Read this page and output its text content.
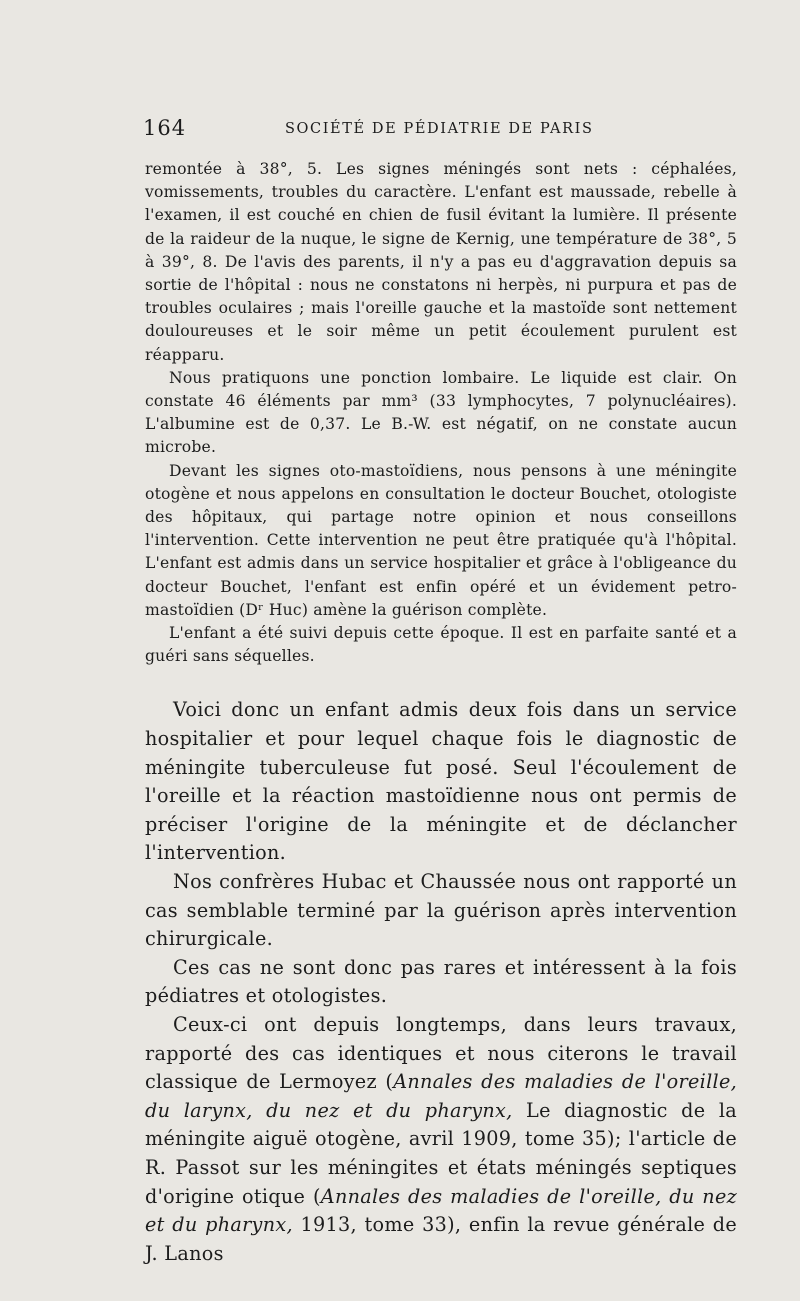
164	SOCIÉTÉ DE PÉDIATRIE DE PARIS

remontée à 38°, 5. Les signes méningés sont nets : céphalées, vomissements, troubles du caractère. L'enfant est maussade, rebelle à l'examen, il est couché en chien de fusil évitant la lumière. Il présente de la raideur de la nuque, le signe de Kernig, une température de 38°, 5 à 39°, 8. De l'avis des parents, il n'y a pas eu d'aggravation depuis sa sortie de l'hôpital : nous ne constatons ni herpès, ni purpura et pas de troubles oculaires ; mais l'oreille gauche et la mastoïde sont nettement douloureuses et le soir même un petit écoulement purulent est réapparu.

Nous pratiquons une ponction lombaire. Le liquide est clair. On constate 46 éléments par mm³ (33 lymphocytes, 7 polynucléaires). L'albumine est de 0,37. Le B.-W. est négatif, on ne constate aucun microbe.

Devant les signes oto-mastoïdiens, nous pensons à une méningite otogène et nous appelons en consultation le docteur Bouchet, otologiste des hôpitaux, qui partage notre opinion et nous conseillons l'intervention. Cette intervention ne peut être pratiquée qu'à l'hôpital. L'enfant est admis dans un service hospitalier et grâce à l'obligeance du docteur Bouchet, l'enfant est enfin opéré et un évidement petro-mastoïdien (Dʳ Huc) amène la guérison complète.

L'enfant a été suivi depuis cette époque. Il est en parfaite santé et a guéri sans séquelles.

Voici donc un enfant admis deux fois dans un service hospitalier et pour lequel chaque fois le diagnostic de méningite tuberculeuse fut posé. Seul l'écoulement de l'oreille et la réaction mastoïdienne nous ont permis de préciser l'origine de la méningite et de déclancher l'intervention.

Nos confrères Hubac et Chaussée nous ont rapporté un cas semblable terminé par la guérison après intervention chirurgicale.

Ces cas ne sont donc pas rares et intéressent à la fois pédiatres et otologistes.

Ceux-ci ont depuis longtemps, dans leurs travaux, rapporté des cas identiques et nous citerons le travail classique de Lermoyez (Annales des maladies de l'oreille, du larynx, du nez et du pharynx, Le diagnostic de la méningite aiguë otogène, avril 1909, tome 35); l'article de R. Passot sur les méningites et états méningés septiques d'origine otique (Annales des maladies de l'oreille, du nez et du pharynx, 1913, tome 33), enfin la revue générale de J. Lanos
